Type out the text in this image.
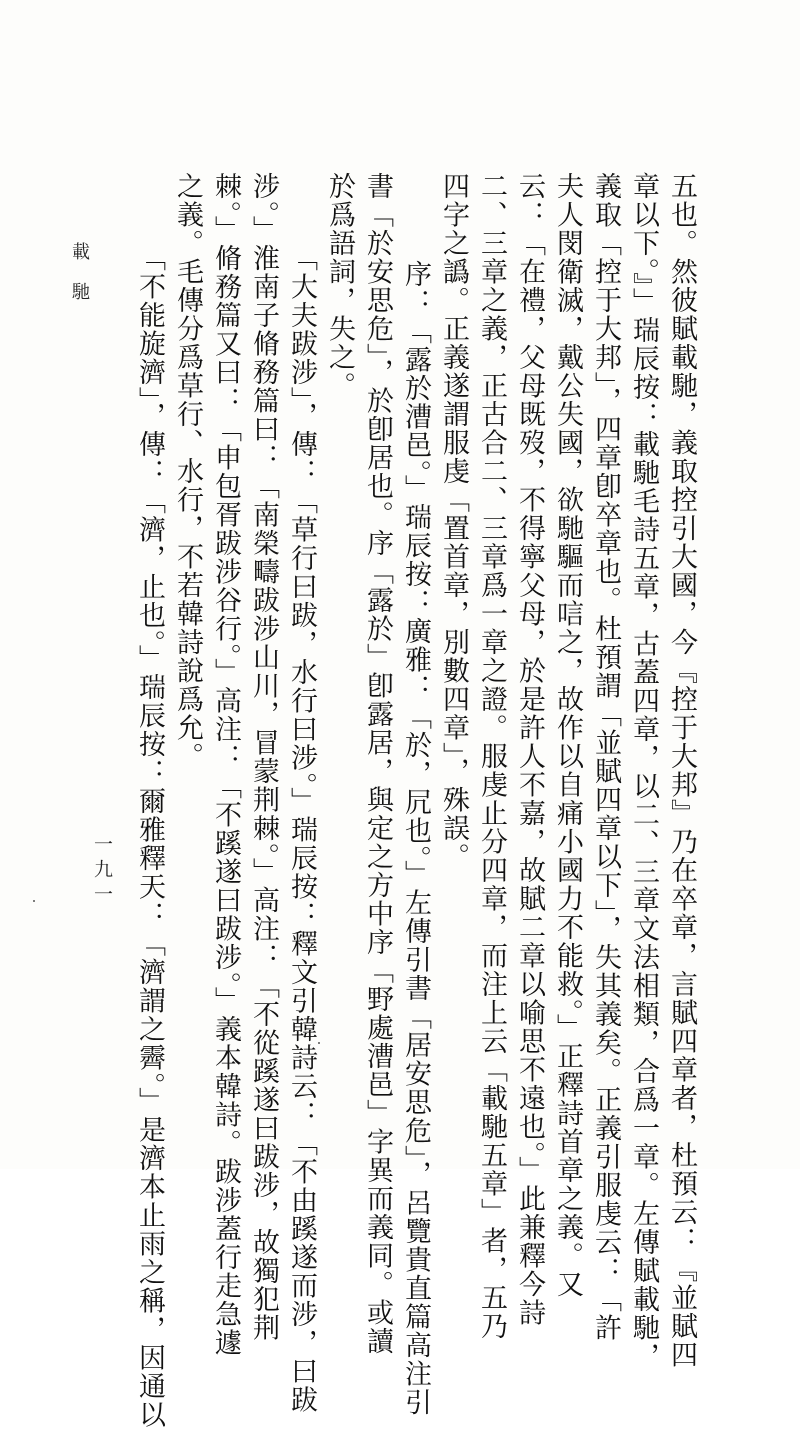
五也。然彼賦載馳，義取控引大國，今『控于大邦』乃在卒章，言賦四章者，杜預云：『並賦四
章以下。』」瑞辰按：載馳毛詩五章，古蓋四章，以二、三章文法相類，合爲一章。左傳賦載馳，
義取「控于大邦」，四章卽卒章也。杜預謂「並賦四章以下」，失其義矣。正義引服虔云：「許
夫人閔衛滅，戴公失國，欲馳驅而唁之，故作以自痛小國力不能救。」正釋詩首章之義。又
云：「在禮，父母既歿，不得寧父母，於是許人不嘉，故賦二章以喻思不遠也。」此兼釋今詩
二、三章之義，正古合二、三章爲一章之證。服虔止分四章，而注上云「載馳五章」者，五乃
四字之譌。正義遂謂服虔「置首章，別數四章」，殊誤。
序：「露於漕邑。」瑞辰按：廣雅：「於，凥也。」左傳引書「居安思危」，呂覽貴直篇高注引
書「於安思危」，於卽居也。序「露於」卽露居，與定之方中序「野處漕邑」字異而義同。或讀
於爲語詞，失之。
「大夫跋涉」，傳：「草行曰跋，水行曰涉。」瑞辰按：釋文引韓詩云：「不由蹊遂而涉，曰跋
涉。」淮南子脩務篇曰：「南榮疇跋涉山川，冒蒙荆棘。」高注：「不從蹊遂曰跋涉，故獨犯荆
棘。」脩務篇又曰：「申包胥跋涉谷行。」高注：「不蹊遂曰跋涉。」義本韓詩。跋涉蓋行走急遽
之義。毛傳分爲草行、水行，不若韓詩說爲允。
「不能旋濟」，傳：「濟，止也。」瑞辰按：爾雅釋天：「濟謂之霽。」是濟本止雨之稱，因通以
載馳
一九一
